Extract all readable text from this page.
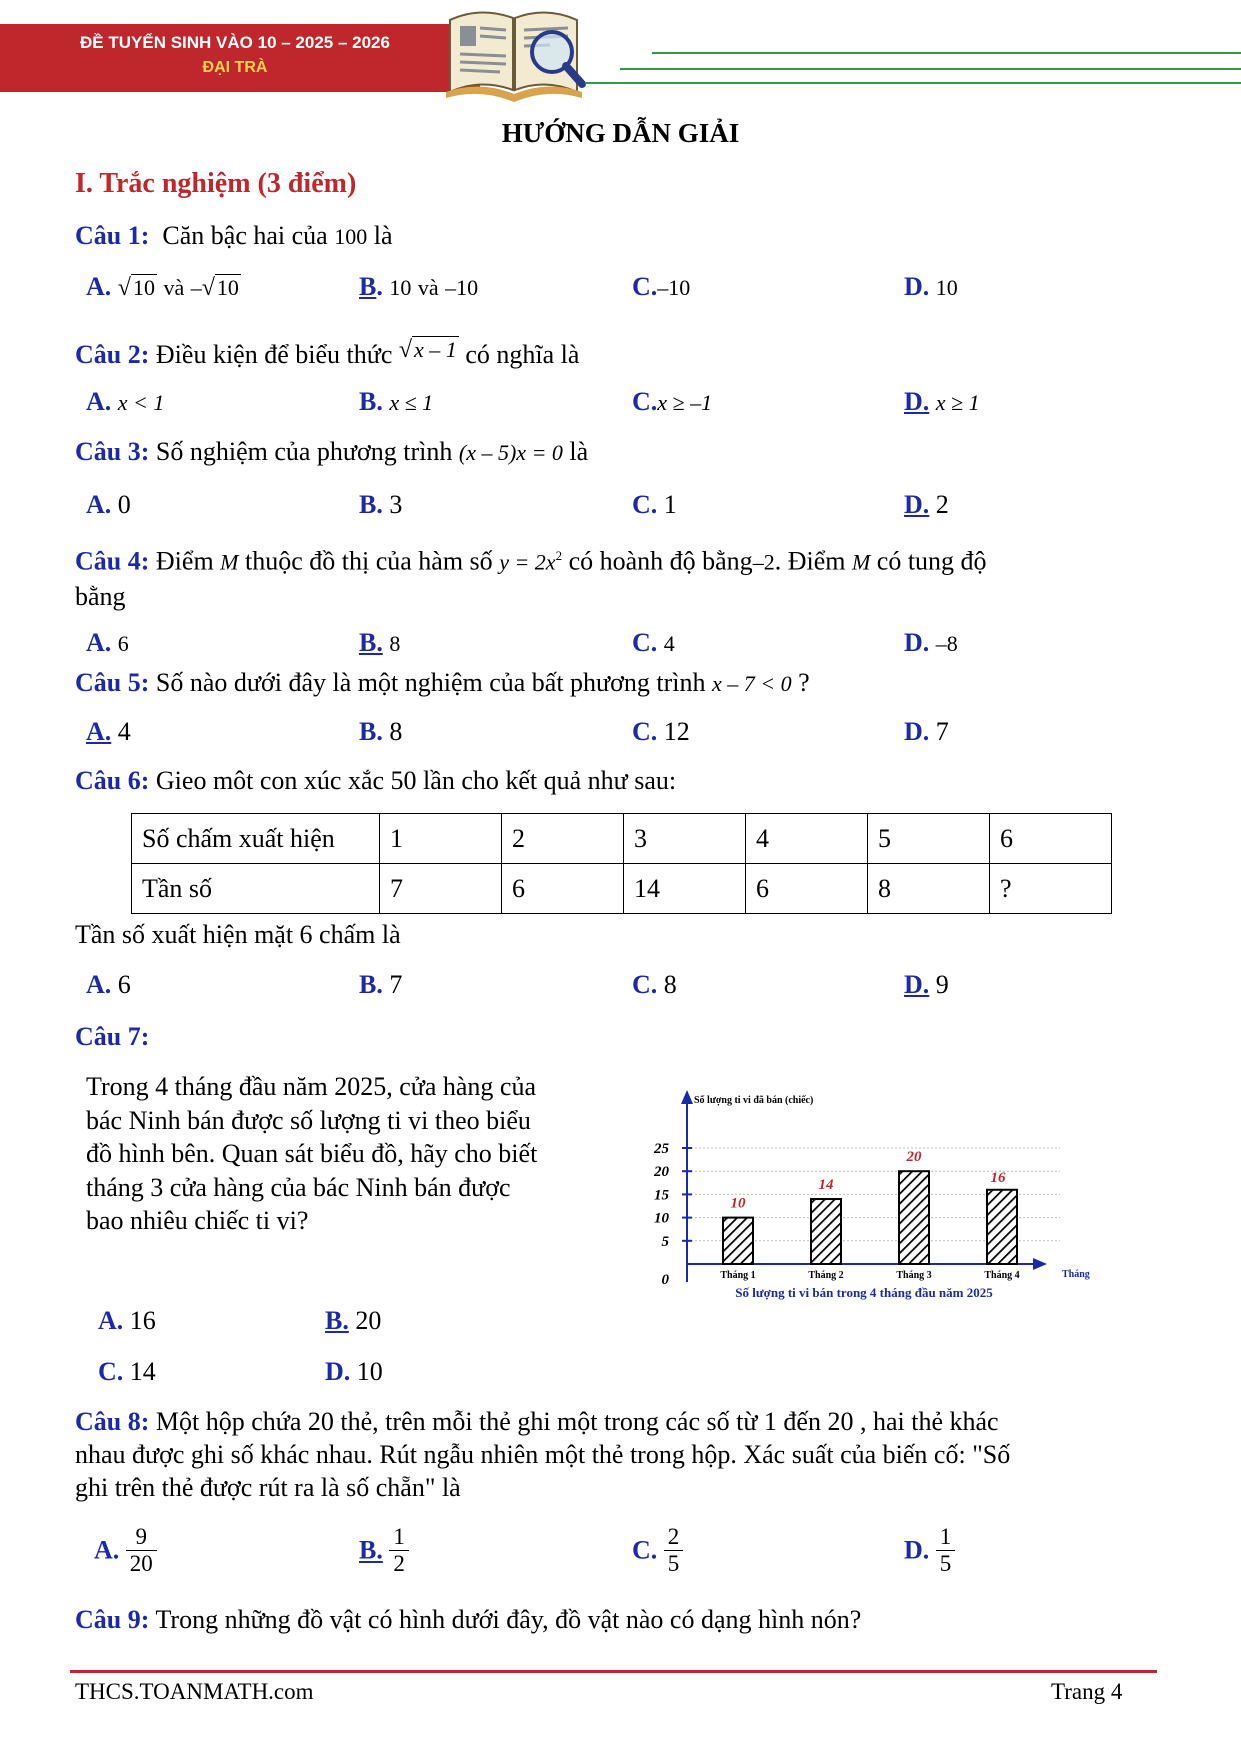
ĐỀ TUYỂN SINH VÀO 10 – 2025 – 2026
ĐẠI TRÀ
HƯỚNG DẪN GIẢI
I. Trắc nghiệm (3 điểm)
Câu 1: Căn bậc hai của 100 là
A. √10 và –√10	B. 10 và –10	C.–10	D. 10
Câu 2: Điều kiện để biểu thức √$^{x - 1}$ có nghĩa là
A. x < 1	B. x ≤ 1	C.x ≥ –1	D. x ≥ 1
Câu 3: Số nghiệm của phương trình (x – 5)x = 0 là
A. 0	B. 3	C. 1	D. 2
Câu 4: Điểm M thuộc đồ thị của hàm số $y = 2x^2$ có hoành độ bằng–2. Điểm M có tung độ
bằng
A. 6	B. 8	C. 4	D. –8
Câu 5: Số nào dưới đây là một nghiệm của bất phương trình x – 7 < 0 ?
A. 4	B. 8	C. 12	D. 7
Câu 6: Gieo môt con xúc xắc 50 lần cho kết quả như sau:
Số chấm xuất hiện	1	2	3	4	5	6
Tần số	7	6	14	6	8	?
Tần số xuất hiện mặt 6 chấm là
A. 6	B. 7	C. 8	D. 9
Câu 7:
Trong 4 tháng đầu năm 2025, cửa hàng của
bác Ninh bán được số lượng ti vi theo biểu
đồ hình bên. Quan sát biểu đồ, hãy cho biết
tháng 3 cửa hàng của bác Ninh bán được
bao nhiêu chiếc ti vi?
Số lượng ti vi đã bán (chiếc)
0
5
10
15
20
25
10
Tháng 1
14
Tháng 2
20
Tháng 3
16
Tháng 4	Tháng
Số lượng ti vi bán trong 4 tháng đầu năm 2025
A. 16	B. 20
C. 14	D. 10
Câu 8: Một hộp chứa 20 thẻ, trên mỗi thẻ ghi một trong các số từ 1 đến 20 , hai thẻ khác
nhau được ghi số khác nhau. Rút ngẫu nhiên một thẻ trong hộp. Xác suất của biến cố: "Số
ghi trên thẻ được rút ra là số chẵn" là
A. $\frac{9}{20}$	B. $\frac{1}{2}$	C. $\frac{2}{5}$	D. $\frac{1}{5}$
Câu 9: Trong những đồ vật có hình dưới đây, đồ vật nào có dạng hình nón?
THCS.TOANMATH.com	Trang 4
